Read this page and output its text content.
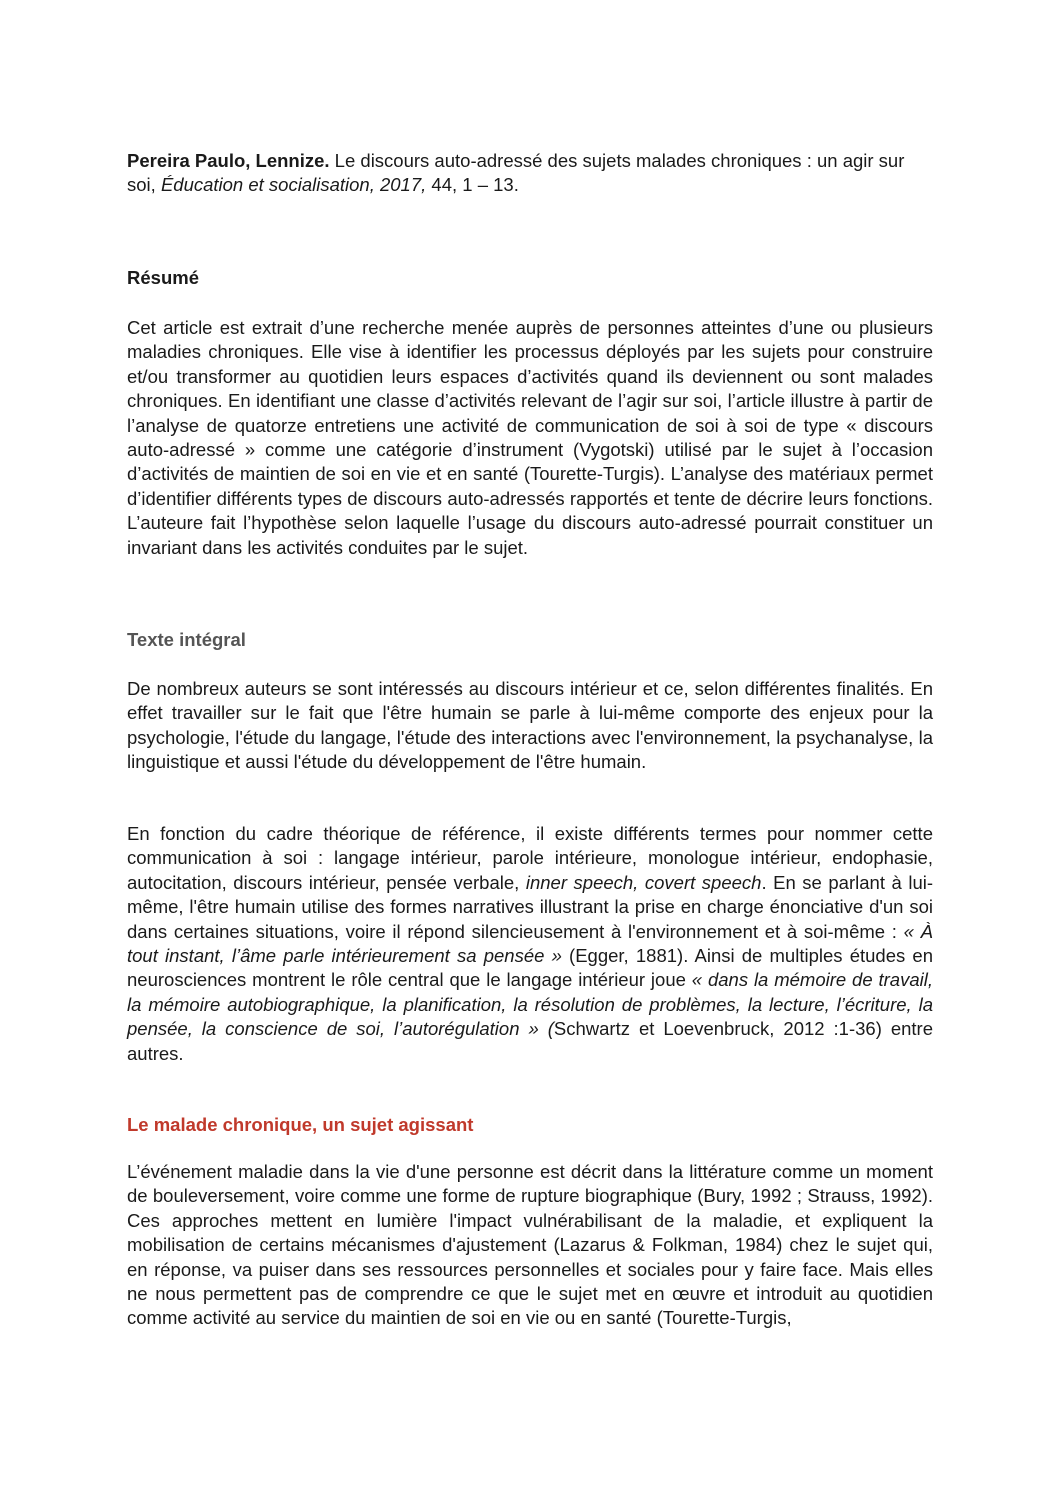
Pereira Paulo, Lennize. Le discours auto-adressé des sujets malades chroniques : un agir sur soi, Éducation et socialisation, 2017, 44, 1 – 13.
Résumé
Cet article est extrait d’une recherche menée auprès de personnes atteintes d’une ou plusieurs maladies chroniques. Elle vise à identifier les processus déployés par les sujets pour construire et/ou transformer au quotidien leurs espaces d’activités quand ils deviennent ou sont malades chroniques. En identifiant une classe d’activités relevant de l’agir sur soi, l’article illustre à partir de l’analyse de quatorze entretiens une activité de communication de soi à soi de type « discours auto-adressé » comme une catégorie d’instrument (Vygotski) utilisé par le sujet à l’occasion d’activités de maintien de soi en vie et en santé (Tourette-Turgis). L’analyse des matériaux permet d’identifier différents types de discours auto-adressés rapportés et tente de décrire leurs fonctions. L’auteure fait l’hypothèse selon laquelle l’usage du discours auto-adressé pourrait constituer un invariant dans les activités conduites par le sujet.
Texte intégral
De nombreux auteurs se sont intéressés au discours intérieur et ce, selon différentes finalités. En effet travailler sur le fait que l'être humain se parle à lui-même comporte des enjeux pour la psychologie, l'étude du langage, l'étude des interactions avec l'environnement, la psychanalyse, la linguistique et aussi l'étude du développement de l'être humain.
En fonction du cadre théorique de référence, il existe différents termes pour nommer cette communication à soi : langage intérieur, parole intérieure, monologue intérieur, endophasie, autocitation, discours intérieur, pensée verbale, inner speech, covert speech. En se parlant à lui-même, l'être humain utilise des formes narratives illustrant la prise en charge énonciative d'un soi dans certaines situations, voire il répond silencieusement à l'environnement et à soi-même : « À tout instant, l’âme parle intérieurement sa pensée » (Egger, 1881). Ainsi de multiples études en neurosciences montrent le rôle central que le langage intérieur joue « dans la mémoire de travail, la mémoire autobiographique, la planification, la résolution de problèmes, la lecture, l’écriture, la pensée, la conscience de soi, l’autorégulation » (Schwartz et Loevenbruck, 2012 :1-36) entre autres.
Le malade chronique, un sujet agissant
L’événement maladie dans la vie d'une personne est décrit dans la littérature comme un moment de bouleversement, voire comme une forme de rupture biographique (Bury, 1992 ; Strauss, 1992). Ces approches mettent en lumière l'impact vulnérabilisant de la maladie, et expliquent la mobilisation de certains mécanismes d'ajustement (Lazarus & Folkman, 1984) chez le sujet qui, en réponse, va puiser dans ses ressources personnelles et sociales pour y faire face. Mais elles ne nous permettent pas de comprendre ce que le sujet met en œuvre et introduit au quotidien comme activité au service du maintien de soi en vie ou en santé (Tourette-Turgis,
